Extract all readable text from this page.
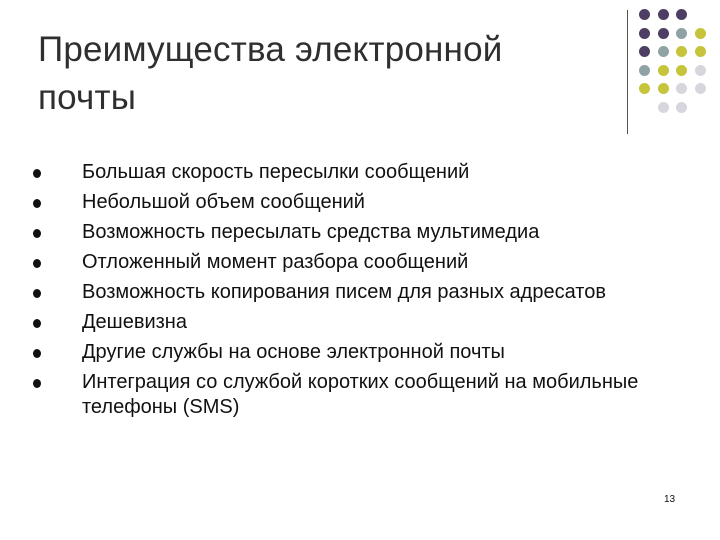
Преимущества электронной почты
Большая скорость пересылки сообщений
Небольшой объем сообщений
Возможность пересылать средства мультимедиа
Отложенный момент разбора сообщений
Возможность копирования писем для разных адресатов
Дешевизна
Другие службы на основе электронной почты
Интеграция со службой коротких сообщений на мобильные телефоны (SMS)
13
